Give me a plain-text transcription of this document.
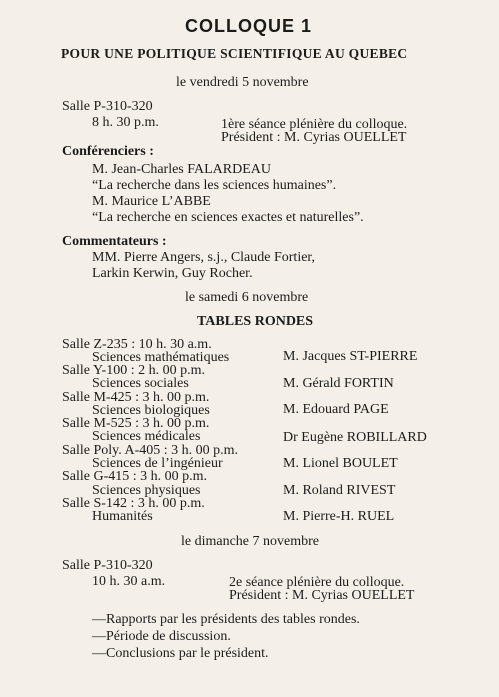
COLLOQUE 1
POUR UNE POLITIQUE SCIENTIFIQUE AU QUEBEC
le vendredi 5 novembre
Salle P-310-320
8 h. 30 p.m.	1ère séance plénière du colloque.
Président : M. Cyrias OUELLET
Conférenciers :
M. Jean-Charles FALARDEAU
“La recherche dans les sciences humaines”.
M. Maurice L’ABBE
“La recherche en sciences exactes et naturelles”.
Commentateurs :
MM. Pierre Angers, s.j., Claude Fortier,
Larkin Kerwin, Guy Rocher.
le samedi 6 novembre
TABLES RONDES
Salle Z-235 : 10 h. 30 a.m.
Sciences mathématiques	M. Jacques ST-PIERRE
Salle Y-100 : 2 h. 00 p.m.
Sciences sociales	M. Gérald FORTIN
Salle M-425 : 3 h. 00 p.m.
Sciences biologiques	M. Edouard PAGE
Salle M-525 : 3 h. 00 p.m.
Sciences médicales	Dr Eugène ROBILLARD
Salle Poly. A-405 : 3 h. 00 p.m.
Sciences de l’ingénieur	M. Lionel BOULET
Salle G-415 : 3 h. 00 p.m.
Sciences physiques	M. Roland RIVEST
Salle S-142 : 3 h. 00 p.m.
Humanités	M. Pierre-H. RUEL
le dimanche 7 novembre
Salle P-310-320
10 h. 30 a.m.	2e séance plénière du colloque.
Président : M. Cyrias OUELLET
—Rapports par les présidents des tables rondes.
—Période de discussion.
—Conclusions par le président.
